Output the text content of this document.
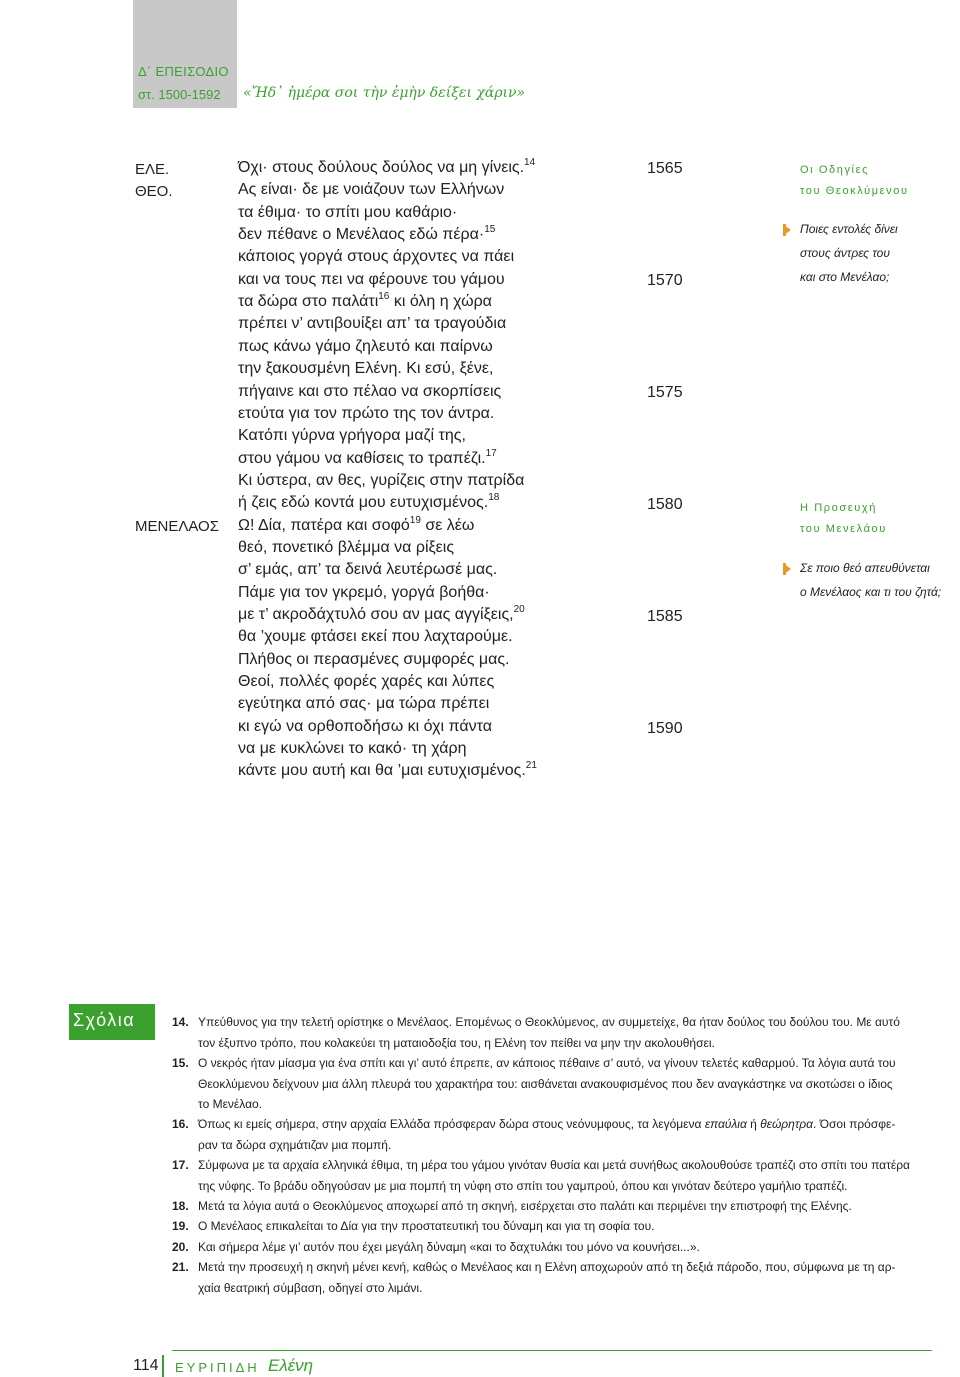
Δ΄ ΕΠΕΙΣΟΔΙΟ
στ. 1500-1592 «Ἤδ᾽ ἡμέρα σοι τὴν ἐμὴν δείξει χάριν»
ΕΛΕ.
ΘΕΟ.
ΜΕΝΕΛΑΟΣ
Όχι· στους δούλους δούλος να μη γίνεις.$^{14}$
Ας είναι· δε με νοιάζουν των Ελλήνων
τα έθιμα· το σπίτι μου καθάριο·
δεν πέθανε ο Μενέλαος εδώ πέρα·$^{15}$
κάποιος γοργά στους άρχοντες να πάει
και να τους πει να φέρουνε του γάμου
τα δώρα στο παλάτι$^{16}$ κι όλη η χώρα
πρέπει ν’ αντιβουίξει απ’ τα τραγούδια
πως κάνω γάμο ζηλευτό και παίρνω
την ξακουσμένη Ελένη. Κι εσύ, ξένε,
πήγαινε και στο πέλαο να σκορπίσεις
ετούτα για τον πρώτο της τον άντρα.
Κατόπι γύρνα γρήγορα μαζί της,
στου γάμου να καθίσεις το τραπέζι.$^{17}$
Κι ύστερα, αν θες, γυρίζεις στην πατρίδα
ή ζεις εδώ κοντά μου ευτυχισμένος.$^{18}$
Ω! Δία, πατέρα και σοφό$^{19}$ σε λέω
θεό, πονετικό βλέμμα να ρίξεις
σ’ εμάς, απ’ τα δεινά λευτέρωσέ μας.
Πάμε για τον γκρεμό, γοργά βοήθα·
με τ’ ακροδάχτυλό σου αν μας αγγίξεις,$^{20}$
θα ’χουμε φτάσει εκεί που λαχταρούμε.
Πλήθος οι περασμένες συμφορές μας.
Θεοί, πολλές φορές χαρές και λύπες
εγεύτηκα από σας· μα τώρα πρέπει
κι εγώ να ορθοποδήσω κι όχι πάντα
να με κυκλώνει το κακό· τη χάρη
κάντε μου αυτή και θα ’μαι ευτυχισμένος.$^{21}$
1565
1570
1575
1580
1585
1590
Οι Οδηγίες
του Θεοκλύμενου
Ποιες εντολές δίνει
στους άντρες του
και στο Μενέλαο;
Η Προσευχή
του Μενελάου
Σε ποιο θεό απευθύνεται
ο Μενέλαος και τι του ζητά;
Σχόλια	14. Υπεύθυνος για την τελετή ορίστηκε ο Μενέλαος. Επομένως ο Θεοκλύμενος, αν συμμετείχε, θα ήταν δούλος του δούλου του. Με αυτό
τον έξυπνο τρόπο, που κολακεύει τη ματαιοδοξία του, η Ελένη τον πείθει να μην την ακολουθήσει.
15. Ο νεκρός ήταν μίασμα για ένα σπίτι και γι’ αυτό έπρεπε, αν κάποιος πέθαινε σ’ αυτό, να γίνουν τελετές καθαρμού. Τα λόγια αυτά του
Θεοκλύμενου δείχνουν μια άλλη πλευρά του χαρακτήρα του: αισθάνεται ανακουφισμένος που δεν αναγκάστηκε να σκοτώσει ο ίδιος
το Μενέλαο.
16. Όπως κι εμείς σήμερα, στην αρχαία Ελλάδα πρόσφεραν δώρα στους νεόνυμφους, τα λεγόμενα επαύλια ή θεώρητρα. Όσοι πρόσφε-
ραν τα δώρα σχημάτιζαν μια πομπή.
17. Σύμφωνα με τα αρχαία ελληνικά έθιμα, τη μέρα του γάμου γινόταν θυσία και μετά συνήθως ακολουθούσε τραπέζι στο σπίτι του πατέρα
της νύφης. Το βράδυ οδηγούσαν με μια πομπή τη νύφη στο σπίτι του γαμπρού, όπου και γινόταν δεύτερο γαμήλιο τραπέζι.
18. Μετά τα λόγια αυτά ο Θεοκλύμενος αποχωρεί από τη σκηνή, εισέρχεται στο παλάτι και περιμένει την επιστροφή της Ελένης.
19. Ο Μενέλαος επικαλείται το Δία για την προστατευτική του δύναμη και για τη σοφία του.
20. Και σήμερα λέμε γι’ αυτόν που έχει μεγάλη δύναμη «και το δαχτυλάκι του μόνο να κουνήσει...».
21. Μετά την προσευχή η σκηνή μένει κενή, καθώς ο Μενέλαος και η Ελένη αποχωρούν από τη δεξιά πάροδο, που, σύμφωνα με τη αρ-
χαία θεατρική σύμβαση, οδηγεί στο λιμάνι.
114 ΕΥΡΙΠΙΔΗ Ελένη
